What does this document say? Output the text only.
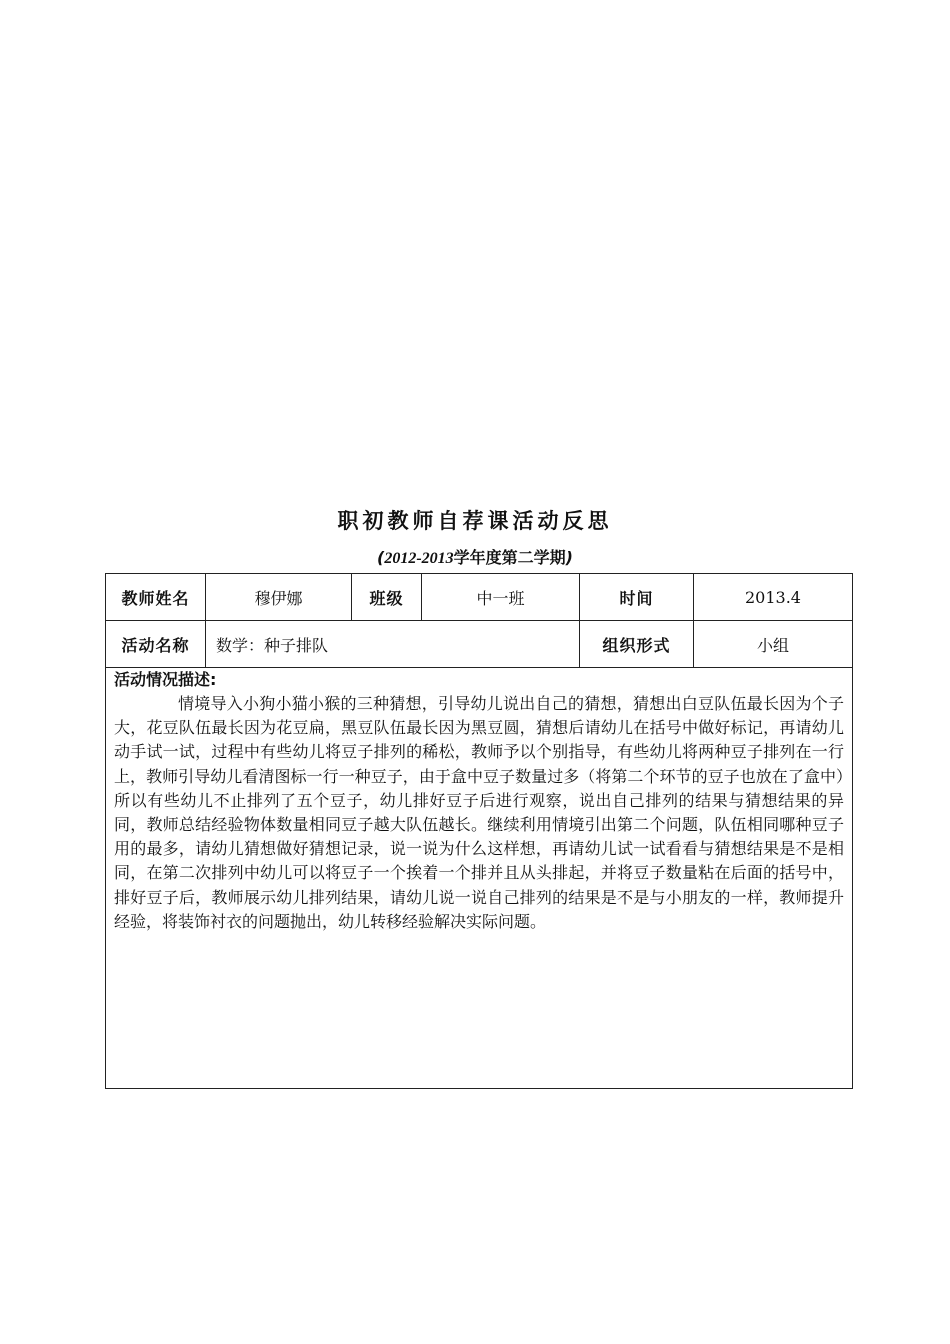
职初教师自荐课活动反思
(2012-2013学年度第二学期)
教师姓名	穆伊娜	班级	中一班	时间	2013.4
活动名称	数学：种子排队			组织形式	小组

活动情况描述:

情境导入小狗小猫小猴的三种猜想，引导幼儿说出自己的猜想，猜想出白豆队伍最长因为个子大，花豆队伍最长因为花豆扁，黑豆队伍最长因为黑豆圆，猜想后请幼儿在括号中做好标记，再请幼儿动手试一试，过程中有些幼儿将豆子排列的稀松，教师予以个别指导，有些幼儿将两种豆子排列在一行上，教师引导幼儿看清图标一行一种豆子，由于盒中豆子数量过多（将第二个环节的豆子也放在了盒中）所以有些幼儿不止排列了五个豆子，幼儿排好豆子后进行观察，说出自己排列的结果与猜想结果的异同，教师总结经验物体数量相同豆子越大队伍越长。继续利用情境引出第二个问题，队伍相同哪种豆子用的最多，请幼儿猜想做好猜想记录，说一说为什么这样想，再请幼儿试一试看看与猜想结果是不是相同，在第二次排列中幼儿可以将豆子一个挨着一个排并且从头排起，并将豆子数量粘在后面的括号中，排好豆子后，教师展示幼儿排列结果，请幼儿说一说自己排列的结果是不是与小朋友的一样，教师提升经验，将装饰衬衣的问题抛出，幼儿转移经验解决实际问题。					
